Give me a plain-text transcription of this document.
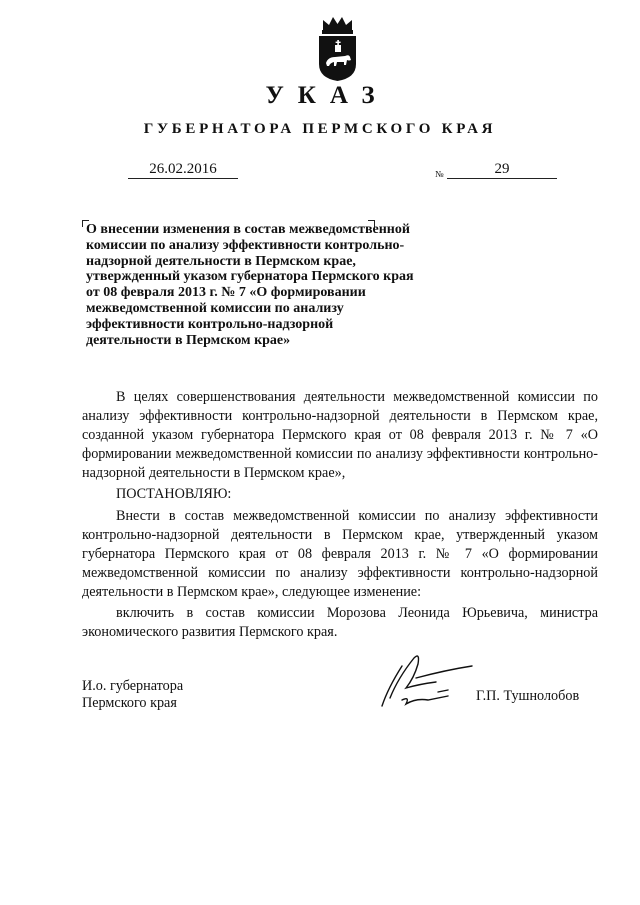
УКАЗ
ГУБЕРНАТОРА ПЕРМСКОГО КРАЯ
26.02.2016	№	29
О внесении изменения в состав межведомственной комиссии по анализу эффективности контрольно-надзорной деятельности в Пермском крае, утвержденный указом губернатора Пермского края от 08 февраля 2013 г. № 7 «О формировании межведомственной комиссии по анализу эффективности контрольно-надзорной деятельности в Пермском крае»
В целях совершенствования деятельности межведомственной комиссии по анализу эффективности контрольно-надзорной деятельности в Пермском крае, созданной указом губернатора Пермского края от 08 февраля 2013 г. № 7 «О формировании межведомственной комиссии по анализу эффективности контрольно-надзорной деятельности в Пермском крае»,
ПОСТАНОВЛЯЮ:
Внести в состав межведомственной комиссии по анализу эффективности контрольно-надзорной деятельности в Пермском крае, утвержденный указом губернатора Пермского края от 08 февраля 2013 г. № 7 «О формировании межведомственной комиссии по анализу эффективности контрольно-надзорной деятельности в Пермском крае», следующее изменение:
включить в состав комиссии Морозова Леонида Юрьевича, министра экономического развития Пермского края.
И.о. губернатора
Пермского края	Г.П. Тушнолобов
